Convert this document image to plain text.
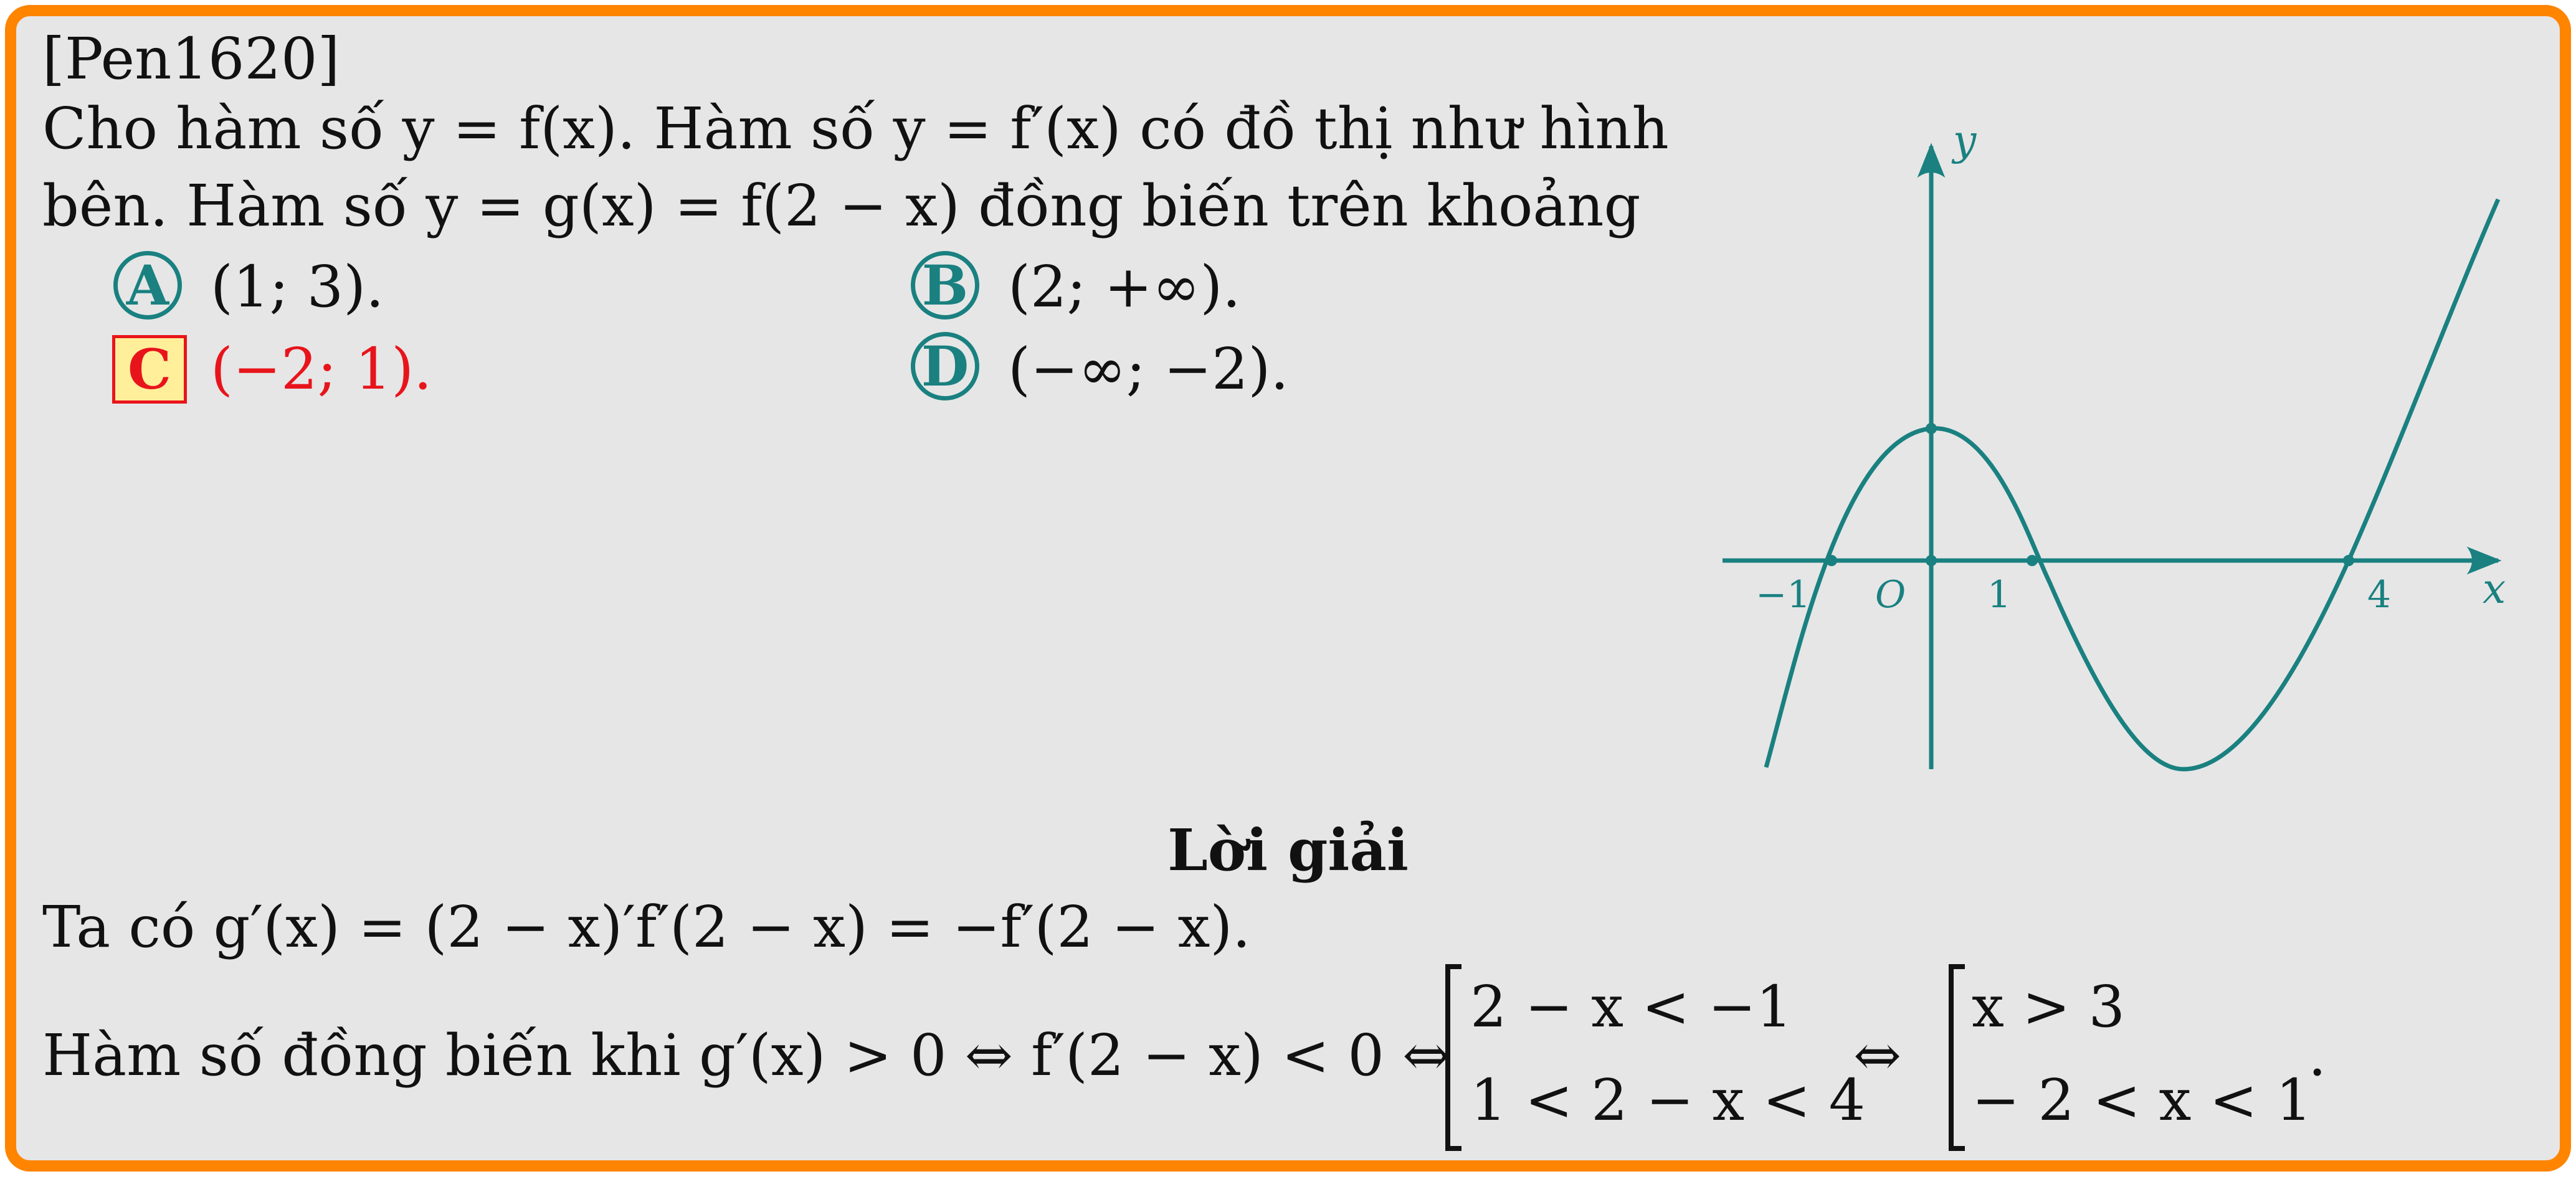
[Pen1620]
Cho hàm số y = f(x). Hàm số y = f′(x) có đồ thị như hình
bên. Hàm số y = g(x) = f(2 − x) đồng biến trên khoảng
A (1; 3).	B (2; +∞).
C (−2; 1).	D (−∞; −2).
y
x
O
−1	1	4
Lời giải
Ta có g′(x) = (2 − x)′f′(2 − x) = −f′(2 − x).
Hàm số đồng biến khi g′(x) > 0 ⇔ f′(2 − x) < 0 ⇔
2 − x < −1
1 < 2 − x < 4
⇔
x > 3
− 2 < x < 1
.
